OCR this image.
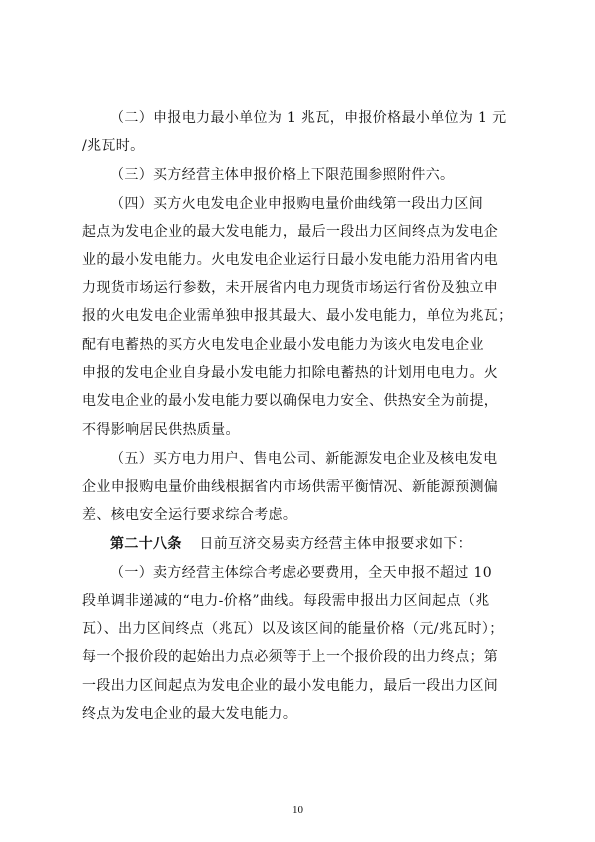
（二）申报电力最小单位为 1 兆瓦，申报价格最小单位为 1 元
/兆瓦时。
（三）买方经营主体申报价格上下限范围参照附件六。
（四）买方火电发电企业申报购电量价曲线第一段出力区间
起点为发电企业的最大发电能力，最后一段出力区间终点为发电企
业的最小发电能力。火电发电企业运行日最小发电能力沿用省内电
力现货市场运行参数，未开展省内电力现货市场运行省份及独立申
报的火电发电企业需单独申报其最大、最小发电能力，单位为兆瓦；
配有电蓄热的买方火电发电企业最小发电能力为该火电发电企业
申报的发电企业自身最小发电能力扣除电蓄热的计划用电电力。火
电发电企业的最小发电能力要以确保电力安全、供热安全为前提，
不得影响居民供热质量。
（五）买方电力用户、售电公司、新能源发电企业及核电发电
企业申报购电量价曲线根据省内市场供需平衡情况、新能源预测偏
差、核电安全运行要求综合考虑。
第二十八条 日前互济交易卖方经营主体申报要求如下：
（一）卖方经营主体综合考虑必要费用，全天申报不超过 10
段单调非递减的“电力-价格”曲线。每段需申报出力区间起点（兆
瓦）、出力区间终点（兆瓦）以及该区间的能量价格（元/兆瓦时）；
每一个报价段的起始出力点必须等于上一个报价段的出力终点；第
一段出力区间起点为发电企业的最小发电能力，最后一段出力区间
终点为发电企业的最大发电能力。
10
